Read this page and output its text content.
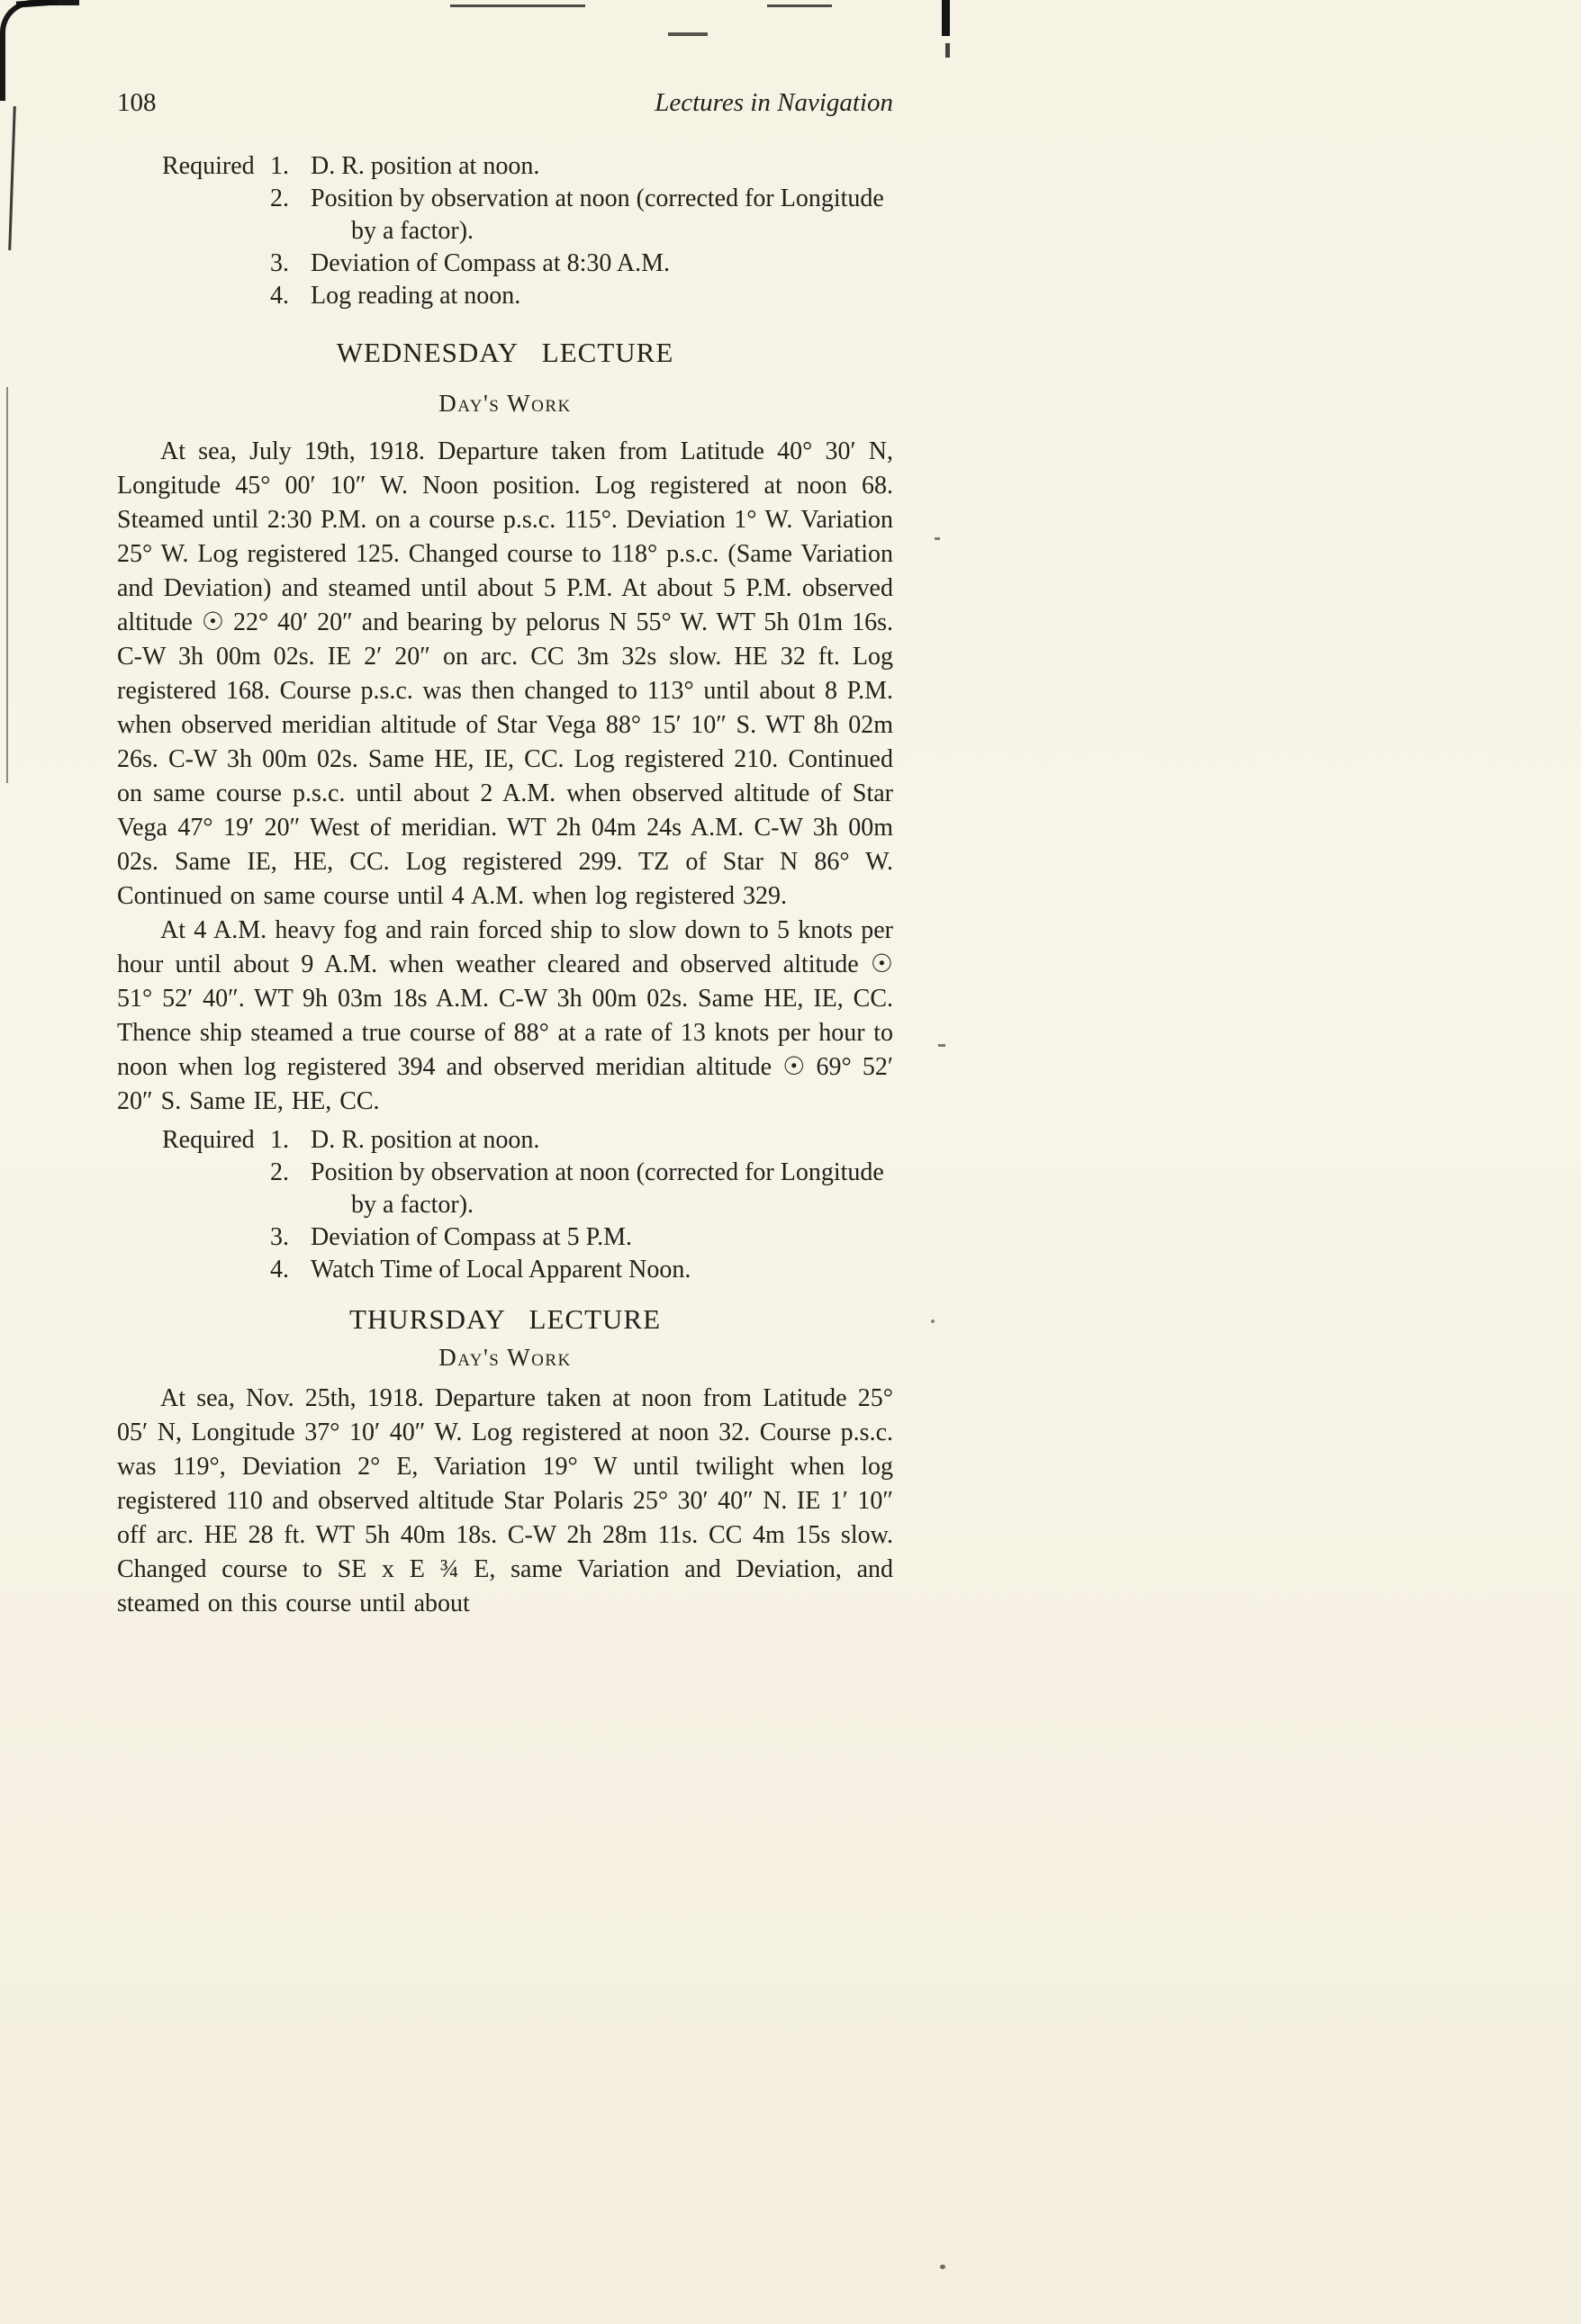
108	Lectures in Navigation
Required 1. D. R. position at noon.
2. Position by observation at noon (corrected for Longitude by a factor).
3. Deviation of Compass at 8:30 A.M.
4. Log reading at noon.
WEDNESDAY LECTURE
Day's Work

At sea, July 19th, 1918. Departure taken from Latitude 40° 30′ N, Longitude 45° 00′ 10″ W. Noon position. Log registered at noon 68. Steamed until 2:30 P.M. on a course p.s.c. 115°. Deviation 1° W. Variation 25° W. Log registered 125. Changed course to 118° p.s.c. (Same Variation and Deviation) and steamed until about 5 P.M. At about 5 P.M. observed altitude ☉ 22° 40′ 20″ and bearing by pelorus N 55° W. WT 5h 01m 16s. C-W 3h 00m 02s. IE 2′ 20″ on arc. CC 3m 32s slow. HE 32 ft. Log registered 168. Course p.s.c. was then changed to 113° until about 8 P.M. when observed meridian altitude of Star Vega 88° 15′ 10″ S. WT 8h 02m 26s. C-W 3h 00m 02s. Same HE, IE, CC. Log registered 210. Continued on same course p.s.c. until about 2 A.M. when observed altitude of Star Vega 47° 19′ 20″ West of meridian. WT 2h 04m 24s A.M. C-W 3h 00m 02s. Same IE, HE, CC. Log registered 299. TZ of Star N 86° W. Continued on same course until 4 A.M. when log registered 329.

At 4 A.M. heavy fog and rain forced ship to slow down to 5 knots per hour until about 9 A.M. when weather cleared and observed altitude ☉ 51° 52′ 40″. WT 9h 03m 18s A.M. C-W 3h 00m 02s. Same HE, IE, CC. Thence ship steamed a true course of 88° at a rate of 13 knots per hour to noon when log registered 394 and observed meridian altitude ☉ 69° 52′ 20″ S. Same IE, HE, CC.

Required 1. D. R. position at noon.
2. Position by observation at noon (corrected for Longitude by a factor).
3. Deviation of Compass at 5 P.M.
4. Watch Time of Local Apparent Noon.
THURSDAY LECTURE
Day's Work

At sea, Nov. 25th, 1918. Departure taken at noon from Latitude 25° 05′ N, Longitude 37° 10′ 40″ W. Log registered at noon 32. Course p.s.c. was 119°, Deviation 2° E, Variation 19° W until twilight when log registered 110 and observed altitude Star Polaris 25° 30′ 40″ N. IE 1′ 10″ off arc. HE 28 ft. WT 5h 40m 18s. C-W 2h 28m 11s. CC 4m 15s slow. Changed course to SE x E ¾ E, same Variation and Deviation, and steamed on this course until about
